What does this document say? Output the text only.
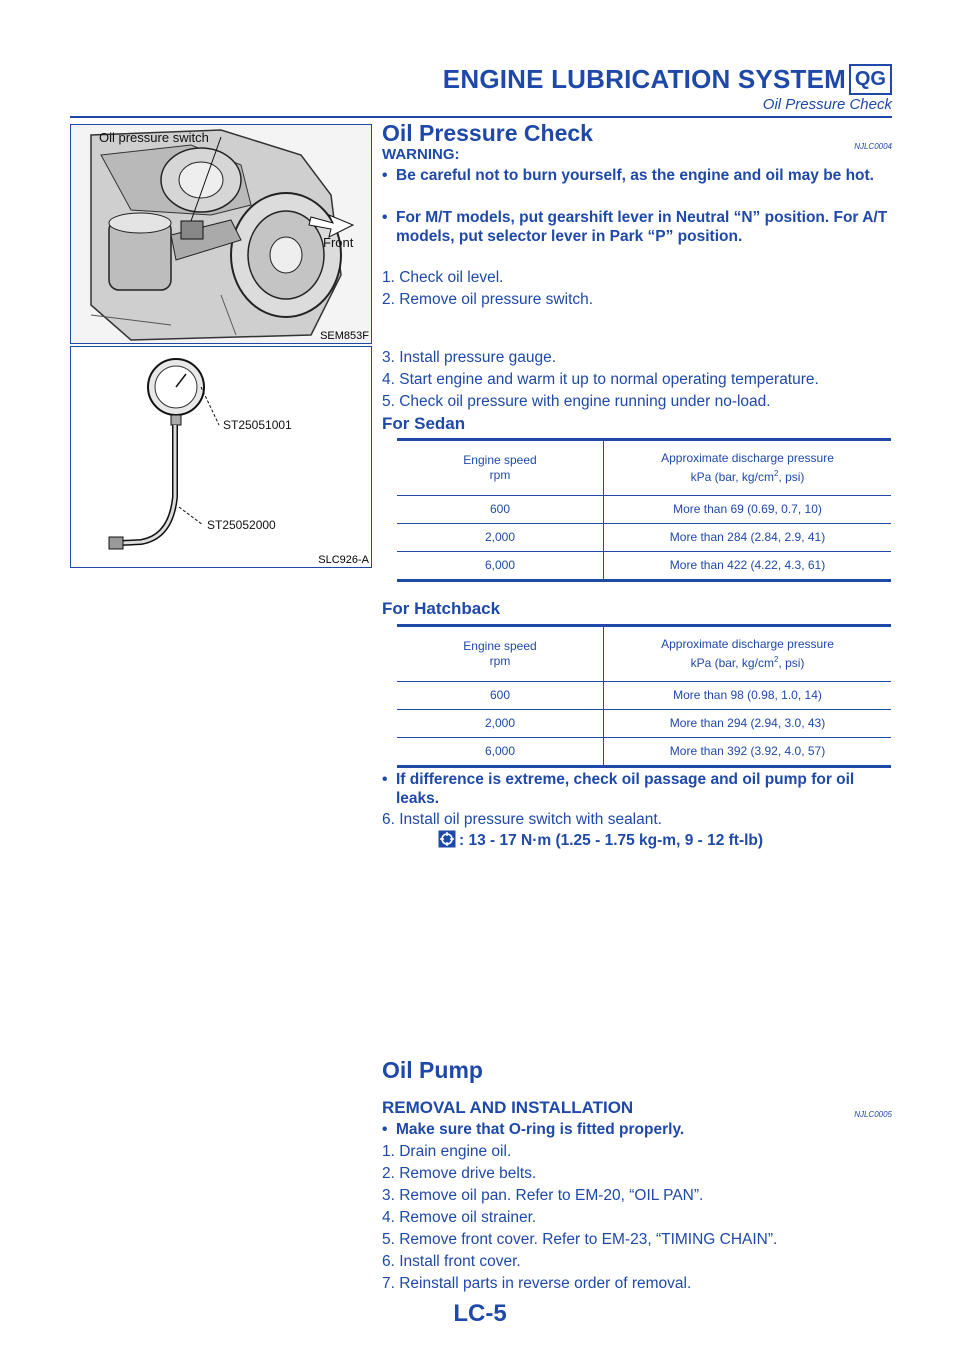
ENGINE LUBRICATION SYSTEM QG
Oil Pressure Check
Oil pressure switch
Front
SEM853F
ST25051001
ST25052000
SLC926-A
Oil Pressure Check
NJLC0004
WARNING:
• Be careful not to burn yourself, as the engine and oil may be hot.
• For M/T models, put gearshift lever in Neutral “N” position. For A/T models, put selector lever in Park “P” position.
1. Check oil level.
2. Remove oil pressure switch.
3. Install pressure gauge.
4. Start engine and warm it up to normal operating temperature.
5. Check oil pressure with engine running under no-load.
For Sedan
Engine speed
rpm	Approximate discharge pressure
kPa (bar, $kg/cm^2$, psi)
600	More than 69 (0.69, 0.7, 10)
2,000	More than 284 (2.84, 2.9, 41)
6,000	More than 422 (4.22, 4.3, 61)
For Hatchback
Engine speed
rpm	Approximate discharge pressure
kPa (bar, $kg/cm^2$, psi)
600	More than 98 (0.98, 1.0, 14)
2,000	More than 294 (2.94, 3.0, 43)
6,000	More than 392 (3.92, 4.0, 57)
• If difference is extreme, check oil passage and oil pump for oil leaks.
6. Install oil pressure switch with sealant.
: 13 - 17 N·m (1.25 - 1.75 kg-m, 9 - 12 ft-lb)
Oil Pump
REMOVAL AND INSTALLATION	NJLC0005
• Make sure that O-ring is fitted properly.
1. Drain engine oil.
2. Remove drive belts.
3. Remove oil pan. Refer to EM-20, “OIL PAN”.
4. Remove oil strainer.
5. Remove front cover. Refer to EM-23, “TIMING CHAIN”.
6. Install front cover.
7. Reinstall parts in reverse order of removal.
LC-5
